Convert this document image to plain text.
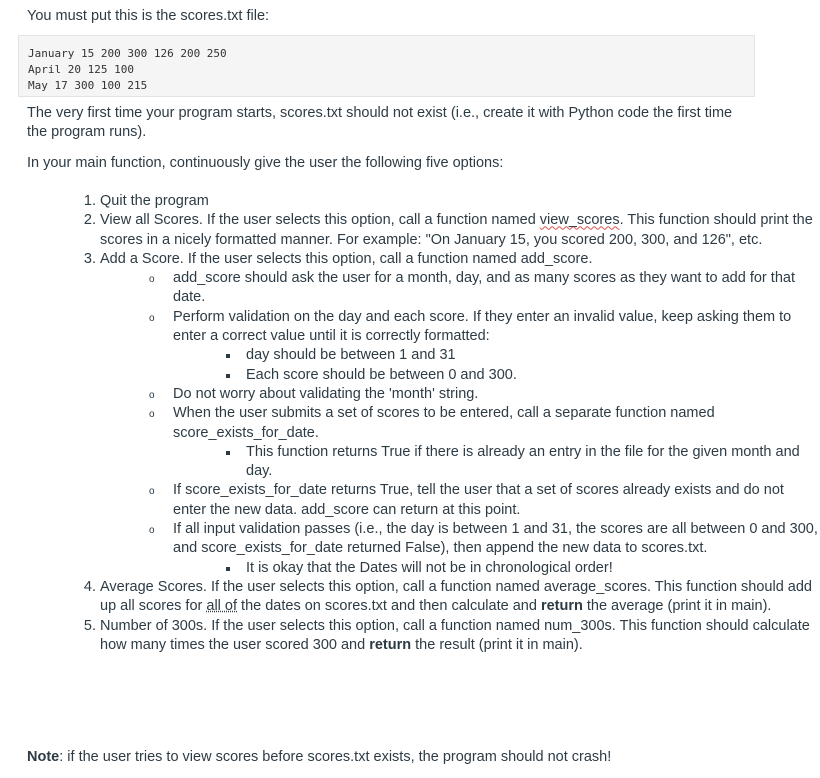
You must put this is the scores.txt file:

January 15 200 300 126 200 250
April 20 125 100
May 17 300 100 215

The very first time your program starts, scores.txt should not exist (i.e., create it with Python code the first time the program runs).

In your main function, continuously give the user the following five options:

1. Quit the program
2. View all Scores. If the user selects this option, call a function named view_scores. This function should print the scores in a nicely formatted manner. For example: "On January 15, you scored 200, 300, and 126", etc.
3. Add a Score. If the user selects this option, call a function named add_score.
o add_score should ask the user for a month, day, and as many scores as they want to add for that date.
o Perform validation on the day and each score. If they enter an invalid value, keep asking them to enter a correct value until it is correctly formatted:
day should be between 1 and 31
Each score should be between 0 and 300.
o Do not worry about validating the 'month' string.
o When the user submits a set of scores to be entered, call a separate function named score_exists_for_date.
This function returns True if there is already an entry in the file for the given month and day.
o If score_exists_for_date returns True, tell the user that a set of scores already exists and do not enter the new data. add_score can return at this point.
o If all input validation passes (i.e., the day is between 1 and 31, the scores are all between 0 and 300, and score_exists_for_date returned False), then append the new data to scores.txt.
It is okay that the Dates will not be in chronological order!
4. Average Scores. If the user selects this option, call a function named average_scores. This function should add up all scores for all of the dates on scores.txt and then calculate and return the average (print it in main).
5. Number of 300s. If the user selects this option, call a function named num_300s. This function should calculate how many times the user scored 300 and return the result (print it in main).

Note: if the user tries to view scores before scores.txt exists, the program should not crash!
